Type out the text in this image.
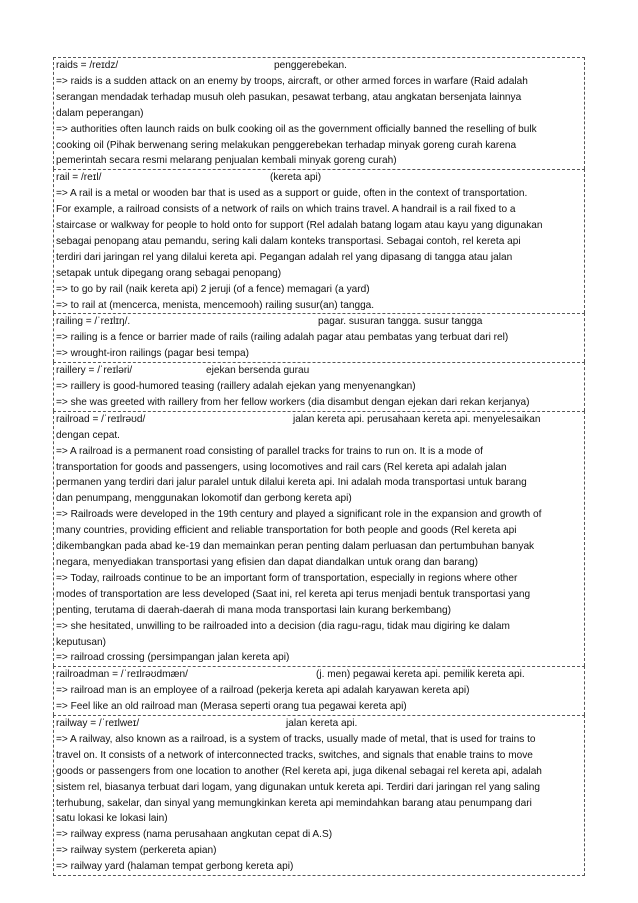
raids = /reɪdz/	penggerebekan.
=> raids is a sudden attack on an enemy by troops, aircraft, or other armed forces in warfare (Raid adalah
serangan mendadak terhadap musuh oleh pasukan, pesawat terbang, atau angkatan bersenjata lainnya
dalam peperangan)
=> authorities often launch raids on bulk cooking oil as the government officially banned the reselling of bulk
cooking oil (Pihak berwenang sering melakukan penggerebekan terhadap minyak goreng curah karena
pemerintah secara resmi melarang penjualan kembali minyak goreng curah)
rail = /reɪl/	(kereta api)
=> A rail is a metal or wooden bar that is used as a support or guide, often in the context of transportation.
For example, a railroad consists of a network of rails on which trains travel. A handrail is a rail fixed to a
staircase or walkway for people to hold onto for support (Rel adalah batang logam atau kayu yang digunakan
sebagai penopang atau pemandu, sering kali dalam konteks transportasi. Sebagai contoh, rel kereta api
terdiri dari jaringan rel yang dilalui kereta api. Pegangan adalah rel yang dipasang di tangga atau jalan
setapak untuk dipegang orang sebagai penopang)
=> to go by rail (naik kereta api) 2 jeruji (of a fence) memagari (a yard)
=> to rail at (mencerca, menista, mencemooh) railing susur(an) tangga.
railing = /ˈreɪlɪŋ/.	pagar. susuran tangga. susur tangga
=> railing is a fence or barrier made of rails (railing adalah pagar atau pembatas yang terbuat dari rel)
=> wrought-iron railings (pagar besi tempa)
raillery = /ˈreɪləri/	ejekan bersenda gurau
=> raillery is good-humored teasing (raillery adalah ejekan yang menyenangkan)
=> she was greeted with raillery from her fellow workers (dia disambut dengan ejekan dari rekan kerjanya)
railroad = /ˈreɪlrəʊd/	jalan kereta api. perusahaan kereta api. menyelesaikan
dengan cepat.
=> A railroad is a permanent road consisting of parallel tracks for trains to run on. It is a mode of
transportation for goods and passengers, using locomotives and rail cars (Rel kereta api adalah jalan
permanen yang terdiri dari jalur paralel untuk dilalui kereta api. Ini adalah moda transportasi untuk barang
dan penumpang, menggunakan lokomotif dan gerbong kereta api)
=> Railroads were developed in the 19th century and played a significant role in the expansion and growth of
many countries, providing efficient and reliable transportation for both people and goods (Rel kereta api
dikembangkan pada abad ke-19 dan memainkan peran penting dalam perluasan dan pertumbuhan banyak
negara, menyediakan transportasi yang efisien dan dapat diandalkan untuk orang dan barang)
=> Today, railroads continue to be an important form of transportation, especially in regions where other
modes of transportation are less developed (Saat ini, rel kereta api terus menjadi bentuk transportasi yang
penting, terutama di daerah-daerah di mana moda transportasi lain kurang berkembang)
=> she hesitated, unwilling to be railroaded into a decision (dia ragu-ragu, tidak mau digiring ke dalam
keputusan)
=> railroad crossing (persimpangan jalan kereta api)
railroadman = /ˈreɪlrəʊdmæn/	(j. men) pegawai kereta api. pemilik kereta api.
=> railroad man is an employee of a railroad (pekerja kereta api adalah karyawan kereta api)
=> Feel like an old railroad man (Merasa seperti orang tua pegawai kereta api)
railway = /ˈreɪlweɪ/	jalan kereta api.
=> A railway, also known as a railroad, is a system of tracks, usually made of metal, that is used for trains to
travel on. It consists of a network of interconnected tracks, switches, and signals that enable trains to move
goods or passengers from one location to another (Rel kereta api, juga dikenal sebagai rel kereta api, adalah
sistem rel, biasanya terbuat dari logam, yang digunakan untuk kereta api. Terdiri dari jaringan rel yang saling
terhubung, sakelar, dan sinyal yang memungkinkan kereta api memindahkan barang atau penumpang dari
satu lokasi ke lokasi lain)
=> railway express (nama perusahaan angkutan cepat di A.S)
=> railway system (perkereta apian)
=> railway yard (halaman tempat gerbong kereta api)
